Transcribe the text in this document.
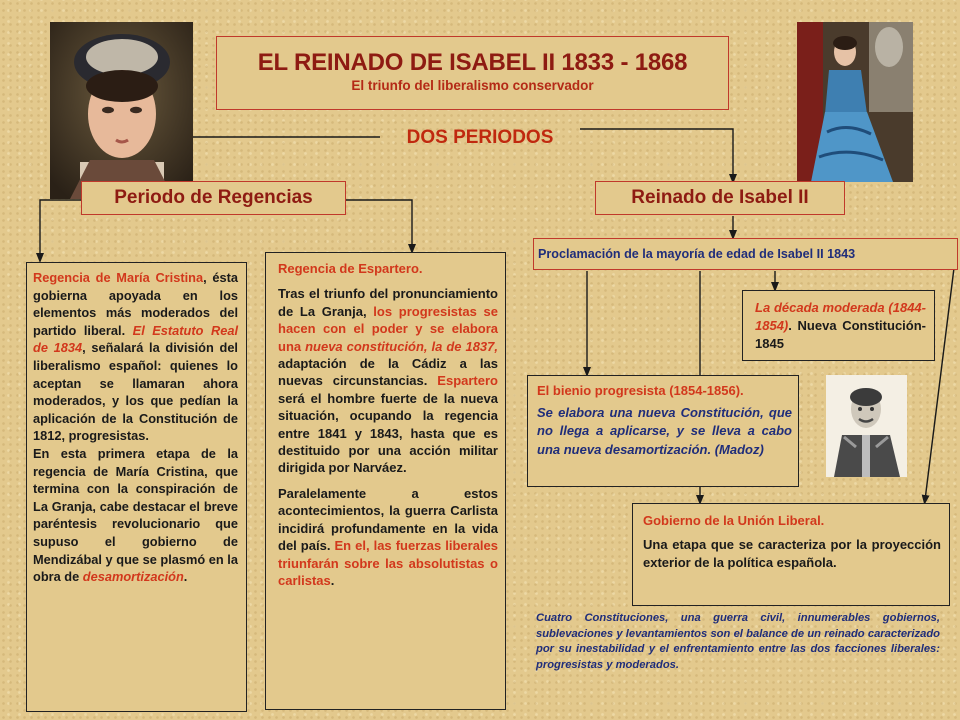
EL REINADO DE ISABEL II 1833 - 1868
El triunfo del liberalismo conservador
DOS PERIODOS
Periodo de Regencias	Reinado de Isabel II
Regencia de María Cristina, ésta gobierna apoyada en los elementos más moderados del partido liberal. El Estatuto Real de 1834, señalará la división del liberalismo español: quienes lo aceptan se llamaran ahora moderados, y los que pedían la aplicación de la Constitución de 1812, progresistas.
En esta primera etapa de la regencia de María Cristina, que termina con la conspiración de La Granja, cabe destacar el breve paréntesis revolucionario que supuso el gobierno de Mendizábal y que se plasmó en la obra de desamortización.

Regencia de Espartero.

Tras el triunfo del pronunciamiento de La Granja, los progresistas se hacen con el poder y se elabora una nueva constitución, la de 1837, adaptación de la Cádiz a las nuevas circunstancias. Espartero será el hombre fuerte de la nueva situación, ocupando la regencia entre 1841 y 1843, hasta que es destituido por una acción militar dirigida por Narváez.

Paralelamente a estos acontecimientos, la guerra Carlista incidirá profundamente en la vida del país. En el, las fuerzas liberales triunfarán sobre las absolutistas o carlistas.

Proclamación de la mayoría de edad de Isabel II 1843
La década moderada (1844-1854). Nueva Constitución- 1845

El bienio progresista (1854-1856).

Se elabora una nueva Constitución, que no llega a aplicarse, y se lleva a cabo una nueva desamortización. (Madoz)

Gobierno de la Unión Liberal.

Una etapa que se caracteriza por la proyección exterior de la política española.

Cuatro Constituciones, una guerra civil, innumerables gobiernos, sublevaciones y levantamientos son el balance de un reinado caracterizado por su inestabilidad y el enfrentamiento entre las dos facciones liberales: progresistas y moderados.
